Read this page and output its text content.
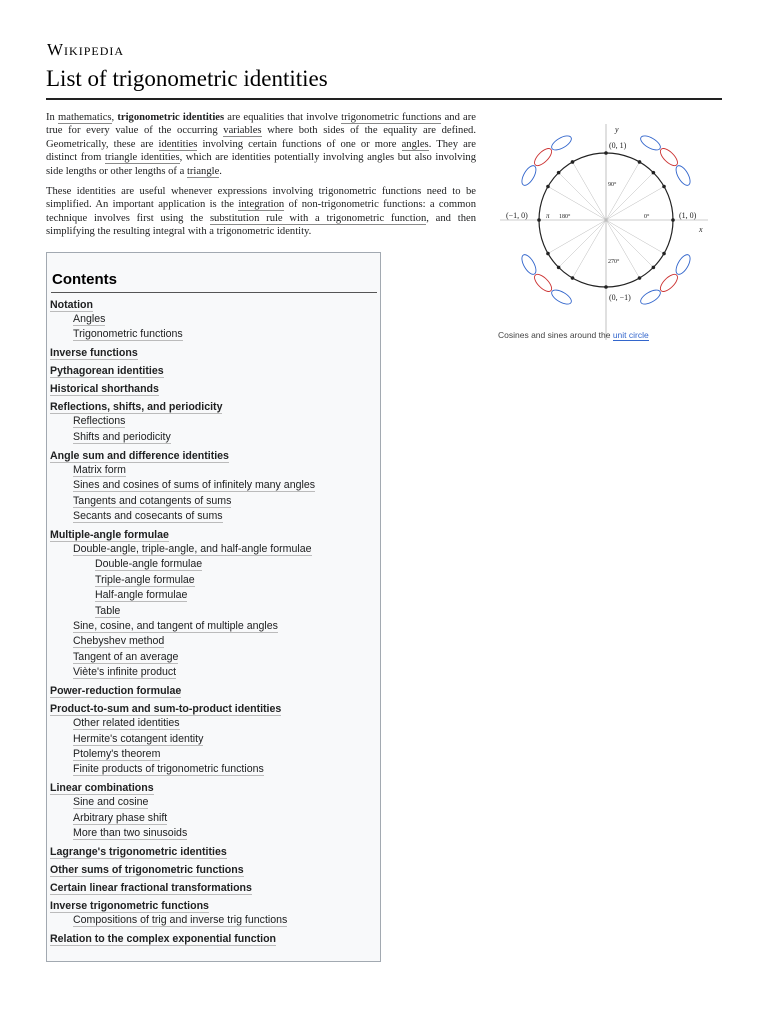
Wikipedia
List of trigonometric identities

In mathematics, trigonometric identities are equalities that involve trigonometric functions and are true for every value of the occurring variables where both sides of the equality are defined. Geometrically, these are identities involving certain functions of one or more angles. They are distinct from triangle identities, which are identities potentially involving angles but also involving side lengths or other lengths of a triangle.

These identities are useful whenever expressions involving trigonometric functions need to be simplified. An important application is the integration of non-trigonometric functions: a common technique involves first using the substitution rule with a trigonometric function, and then simplifying the resulting integral with a trigonometric identity.

y
x
(0, 1)
(0, −1)
(−1, 0)	(1, 0)
0°
90°
180°
270°
π
Cosines and sines around the unit circle
Contents
Notation
Angles
Trigonometric functions
Inverse functions
Pythagorean identities
Historical shorthands
Reflections, shifts, and periodicity
Reflections
Shifts and periodicity
Angle sum and difference identities
Matrix form
Sines and cosines of sums of infinitely many angles
Tangents and cotangents of sums
Secants and cosecants of sums
Multiple-angle formulae
Double-angle, triple-angle, and half-angle formulae
Double-angle formulae
Triple-angle formulae
Half-angle formulae
Table
Sine, cosine, and tangent of multiple angles
Chebyshev method
Tangent of an average
Viète's infinite product
Power-reduction formulae
Product-to-sum and sum-to-product identities
Other related identities
Hermite's cotangent identity
Ptolemy's theorem
Finite products of trigonometric functions
Linear combinations
Sine and cosine
Arbitrary phase shift
More than two sinusoids
Lagrange's trigonometric identities
Other sums of trigonometric functions
Certain linear fractional transformations
Inverse trigonometric functions
Compositions of trig and inverse trig functions
Relation to the complex exponential function
